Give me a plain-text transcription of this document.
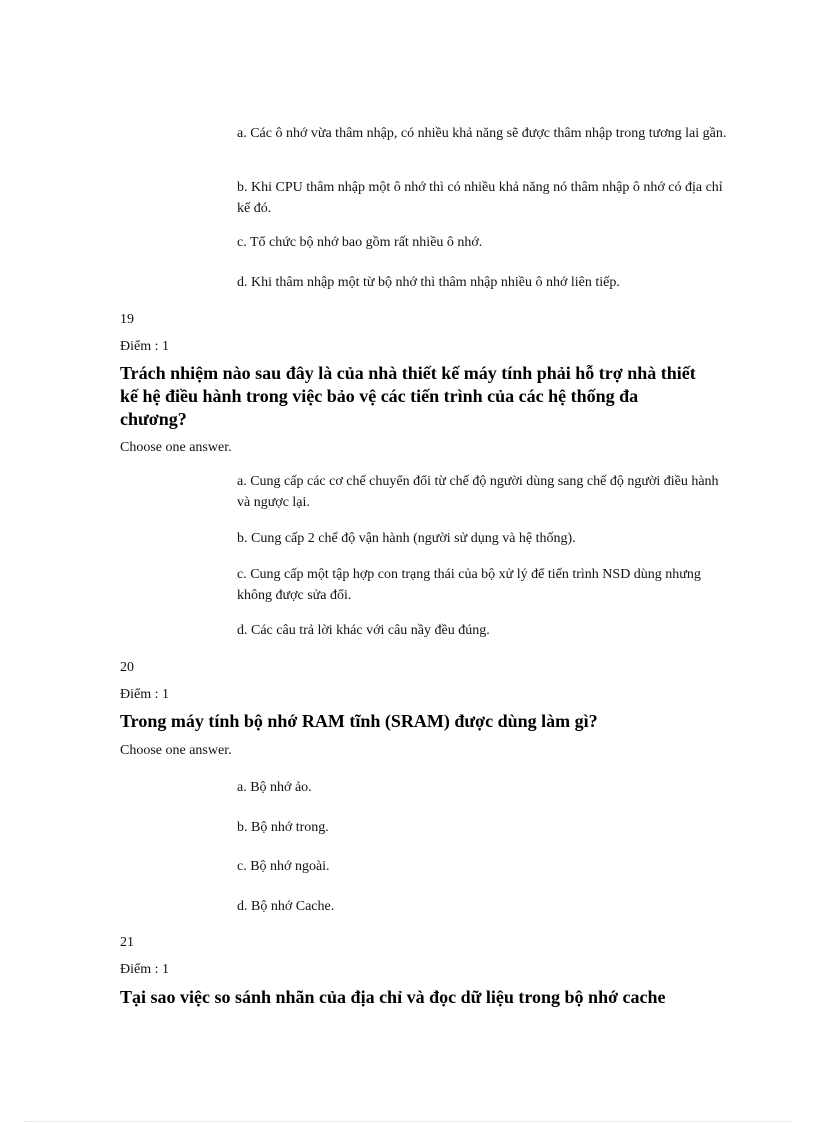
a. Các ô nhớ vừa thâm nhập, có nhiều khả năng sẽ được thâm nhập trong tương lai gần.
b. Khi CPU thâm nhập một ô nhớ thì có nhiều khả năng nó thâm nhập ô nhớ có địa chỉ kế đó.
c. Tổ chức bộ nhớ bao gồm rất nhiều ô nhớ.
d. Khi thâm nhập một từ bộ nhớ thì thâm nhập nhiều ô nhớ liên tiếp.
19
Điểm : 1
Trách nhiệm nào sau đây là của nhà thiết kế máy tính phải hỗ trợ nhà thiết kế hệ điều hành trong việc bảo vệ các tiến trình của các hệ thống đa chương?
Choose one answer.
a. Cung cấp các cơ chế chuyển đổi từ chế độ người dùng sang chế độ người điều hành và ngược lại.
b. Cung cấp 2 chế độ vận hành (người sử dụng và hệ thống).
c. Cung cấp một tập hợp con trạng thái của bộ xử lý để tiến trình NSD dùng nhưng không được sửa đổi.
d. Các câu trả lời khác với câu nầy đều đúng.
20
Điểm : 1
Trong máy tính bộ nhớ RAM tĩnh (SRAM) được dùng làm gì?
Choose one answer.
a. Bộ nhớ ảo.
b. Bộ nhớ trong.
c. Bộ nhớ ngoài.
d. Bộ nhớ Cache.
21
Điểm : 1
Tại sao việc so sánh nhãn của địa chỉ và đọc dữ liệu trong bộ nhớ cache
